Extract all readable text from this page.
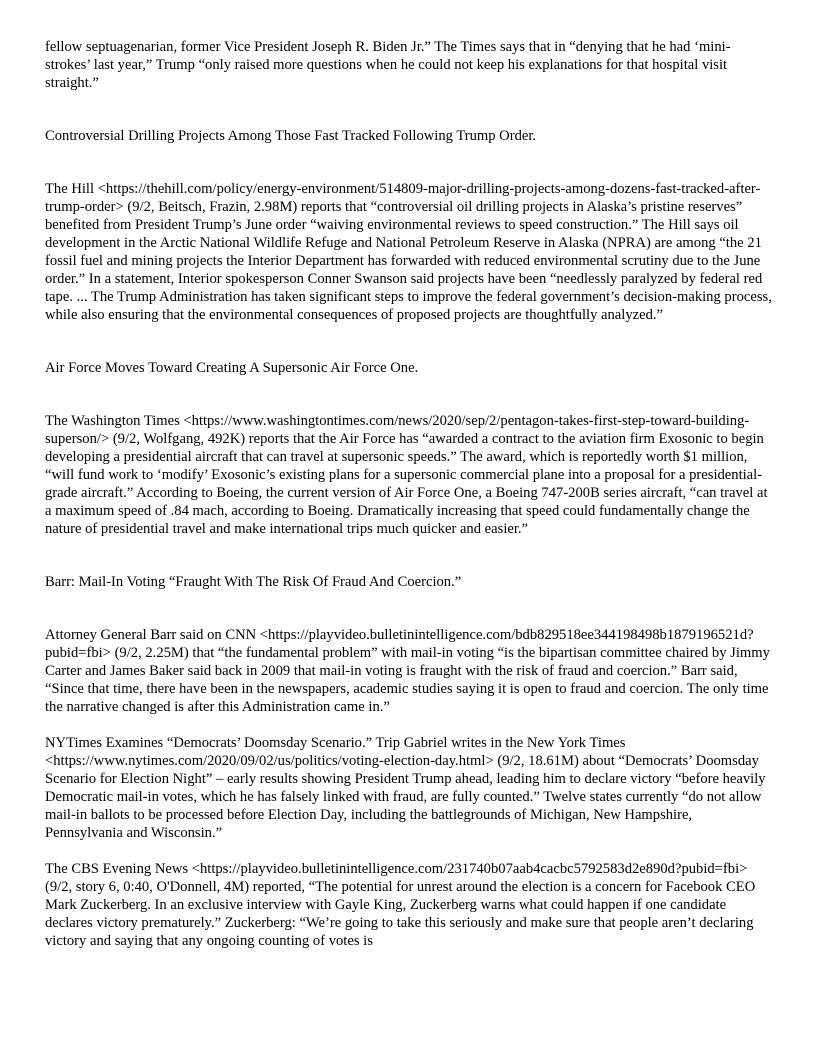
fellow septuagenarian, former Vice President Joseph R. Biden Jr.” The Times says that in “denying that he had ‘mini-strokes’ last year,” Trump “only raised more questions when he could not keep his explanations for that hospital visit straight.”

Controversial Drilling Projects Among Those Fast Tracked Following Trump Order.

The Hill <https://thehill.com/policy/energy-environment/514809-major-drilling-projects-among-dozens-fast-tracked-after-trump-order> (9/2, Beitsch, Frazin, 2.98M) reports that “controversial oil drilling projects in Alaska’s pristine reserves” benefited from President Trump’s June order “waiving environmental reviews to speed construction.” The Hill says oil development in the Arctic National Wildlife Refuge and National Petroleum Reserve in Alaska (NPRA) are among “the 21 fossil fuel and mining projects the Interior Department has forwarded with reduced environmental scrutiny due to the June order.” In a statement, Interior spokesperson Conner Swanson said projects have been “needlessly paralyzed by federal red tape. ... The Trump Administration has taken significant steps to improve the federal government’s decision-making process, while also ensuring that the environmental consequences of proposed projects are thoughtfully analyzed.”

Air Force Moves Toward Creating A Supersonic Air Force One.

The Washington Times <https://www.washingtontimes.com/news/2020/sep/2/pentagon-takes-first-step-toward-building-superson/> (9/2, Wolfgang, 492K) reports that the Air Force has “awarded a contract to the aviation firm Exosonic to begin developing a presidential aircraft that can travel at supersonic speeds.” The award, which is reportedly worth $1 million, “will fund work to ‘modify’ Exosonic’s existing plans for a supersonic commercial plane into a proposal for a presidential-grade aircraft.” According to Boeing, the current version of Air Force One, a Boeing 747-200B series aircraft, “can travel at a maximum speed of .84 mach, according to Boeing. Dramatically increasing that speed could fundamentally change the nature of presidential travel and make international trips much quicker and easier.”

Barr: Mail-In Voting “Fraught With The Risk Of Fraud And Coercion.”

Attorney General Barr said on CNN <https://playvideo.bulletinintelligence.com/bdb829518ee344198498b1879196521d?pubid=fbi> (9/2, 2.25M) that “the fundamental problem” with mail-in voting “is the bipartisan committee chaired by Jimmy Carter and James Baker said back in 2009 that mail-in voting is fraught with the risk of fraud and coercion.” Barr said, “Since that time, there have been in the newspapers, academic studies saying it is open to fraud and coercion. The only time the narrative changed is after this Administration came in.”

NYTimes Examines “Democrats’ Doomsday Scenario.” Trip Gabriel writes in the New York Times <https://www.nytimes.com/2020/09/02/us/politics/voting-election-day.html> (9/2, 18.61M) about “Democrats’ Doomsday Scenario for Election Night” – early results showing President Trump ahead, leading him to declare victory “before heavily Democratic mail-in votes, which he has falsely linked with fraud, are fully counted.” Twelve states currently “do not allow mail-in ballots to be processed before Election Day, including the battlegrounds of Michigan, New Hampshire, Pennsylvania and Wisconsin.”

The CBS Evening News <https://playvideo.bulletinintelligence.com/231740b07aab4cacbc5792583d2e890d?pubid=fbi> (9/2, story 6, 0:40, O'Donnell, 4M) reported, “The potential for unrest around the election is a concern for Facebook CEO Mark Zuckerberg. In an exclusive interview with Gayle King, Zuckerberg warns what could happen if one candidate declares victory prematurely.” Zuckerberg: “We’re going to take this seriously and make sure that people aren’t declaring victory and saying that any ongoing counting of votes is
